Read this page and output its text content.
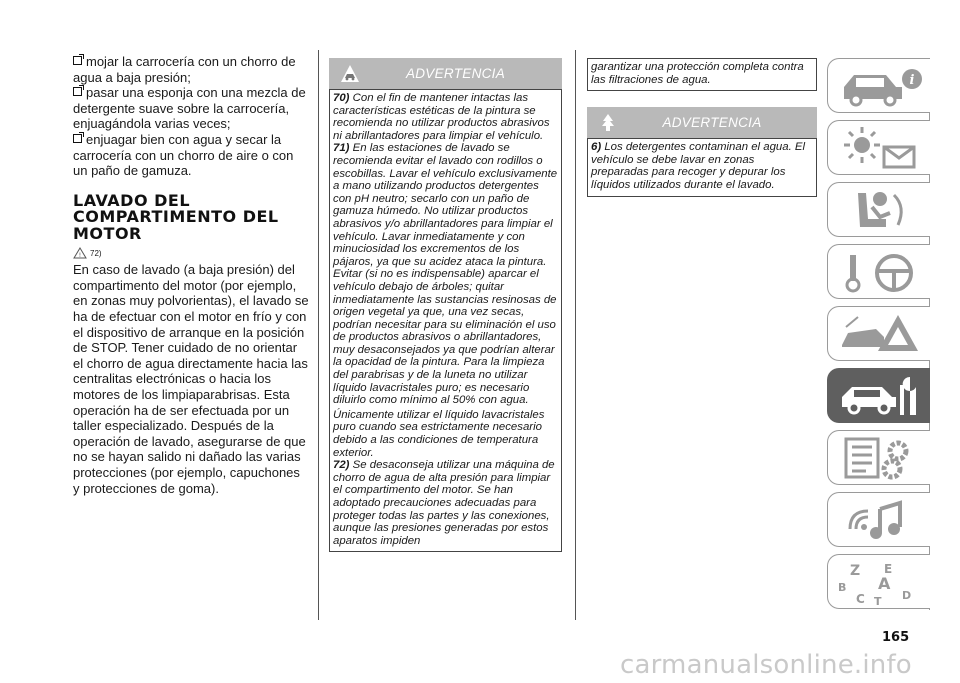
mojar la carrocería con un chorro de agua a baja presión;

pasar una esponja con una mezcla de detergente suave sobre la carrocería, enjuagándola varias veces;

enjuagar bien con agua y secar la carrocería con un chorro de aire o con un paño de gamuza.

LAVADO DEL COMPARTIMENTO DEL MOTOR
! 72)

En caso de lavado (a baja presión) del compartimento del motor (por ejemplo, en zonas muy polvorientas), el lavado se ha de efectuar con el motor en frío y con el dispositivo de arranque en la posición de STOP. Tener cuidado de no orientar el chorro de agua directamente hacia las centralitas electrónicas o hacia los motores de los limpiaparabrisas. Esta operación ha de ser efectuada por un taller especializado. Después de la operación de lavado, asegurarse de que no se hayan salido ni dañado las varias protecciones (por ejemplo, capuchones y protecciones de goma).

ADVERTENCIA

70) Con el fin de mantener intactas las características estéticas de la pintura se recomienda no utilizar productos abrasivos ni abrillantadores para limpiar el vehículo.

71) En las estaciones de lavado se recomienda evitar el lavado con rodillos o escobillas. Lavar el vehículo exclusivamente a mano utilizando productos detergentes con pH neutro; secarlo con un paño de gamuza húmedo. No utilizar productos abrasivos y/o abrillantadores para limpiar el vehículo. Lavar inmediatamente y con minuciosidad los excrementos de los pájaros, ya que su acidez ataca la pintura. Evitar (si no es indispensable) aparcar el vehículo debajo de árboles; quitar inmediatamente las sustancias resinosas de origen vegetal ya que, una vez secas, podrían necesitar para su eliminación el uso de productos abrasivos o abrillantadores, muy desaconsejados ya que podrían alterar la opacidad de la pintura. Para la limpieza del parabrisas y de la luneta no utilizar líquido lavacristales puro; es necesario diluirlo como mínimo al 50% con agua.

Únicamente utilizar el líquido lavacristales puro cuando sea estrictamente necesario debido a las condiciones de temperatura exterior.

72) Se desaconseja utilizar una máquina de chorro de agua de alta presión para limpiar el compartimento del motor. Se han adoptado precauciones adecuadas para proteger todas las partes y las conexiones, aunque las presiones generadas por estos aparatos impiden

garantizar una protección completa contra las filtraciones de agua.

ADVERTENCIA

6) Los detergentes contaminan el agua. El vehículo se debe lavar en zonas preparadas para recoger y depurar los líquidos utilizados durante el lavado.

i
Z E
B A
C	D
T
165
carmanualsonline.info
